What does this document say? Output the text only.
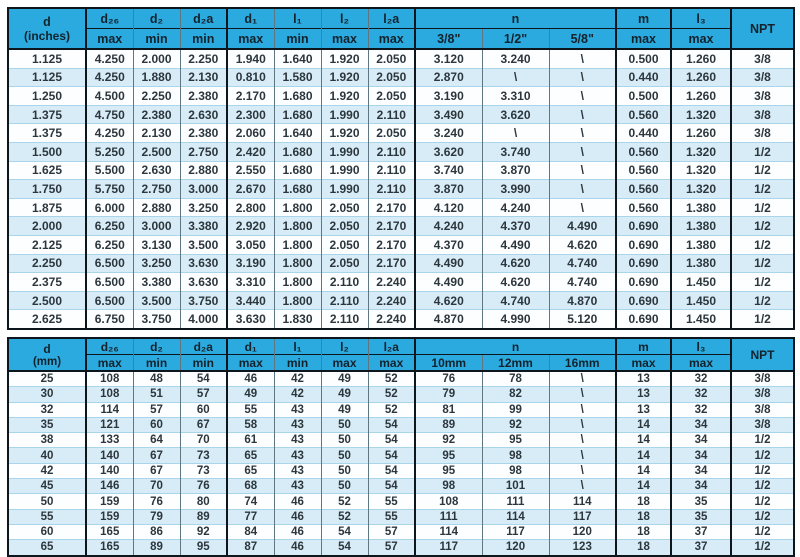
d
(inches)	d₂₆	d₂	d₂a	d₁	l₁	l₂	l₂a	n			m	l₃	NPT
	max	min	min	max	min	max	max	3/8"	1/2"	5/8"	max	max	
1.125	4.250	2.000	2.250	1.940	1.640	1.920	2.050	3.120	3.240	\	0.500	1.260	3/8
1.125	4.250	1.880	2.130	0.810	1.580	1.920	2.050	2.870	\	\	0.440	1.260	3/8
1.250	4.500	2.250	2.380	2.170	1.680	1.920	2.050	3.190	3.310	\	0.500	1.260	3/8
1.375	4.750	2.380	2.630	2.300	1.680	1.990	2.110	3.490	3.620	\	0.560	1.320	3/8
1.375	4.250	2.130	2.380	2.060	1.640	1.920	2.050	3.240	\	\	0.440	1.260	3/8
1.500	5.250	2.500	2.750	2.420	1.680	1.990	2.110	3.620	3.740	\	0.560	1.320	1/2
1.625	5.500	2.630	2.880	2.550	1.680	1.990	2.110	3.740	3.870	\	0.560	1.320	1/2
1.750	5.750	2.750	3.000	2.670	1.680	1.990	2.110	3.870	3.990	\	0.560	1.320	1/2
1.875	6.000	2.880	3.250	2.800	1.800	2.050	2.170	4.120	4.240	\	0.560	1.380	1/2
2.000	6.250	3.000	3.380	2.920	1.800	2.050	2.170	4.240	4.370	4.490	0.690	1.380	1/2
2.125	6.250	3.130	3.500	3.050	1.800	2.050	2.170	4.370	4.490	4.620	0.690	1.380	1/2
2.250	6.500	3.250	3.630	3.190	1.800	2.050	2.170	4.490	4.620	4.740	0.690	1.380	1/2
2.375	6.500	3.380	3.630	3.310	1.800	2.110	2.240	4.490	4.620	4.740	0.690	1.450	1/2
2.500	6.500	3.500	3.750	3.440	1.800	2.110	2.240	4.620	4.740	4.870	0.690	1.450	1/2
2.625	6.750	3.750	4.000	3.630	1.830	2.110	2.240	4.870	4.990	5.120	0.690	1.450	1/2
d
(mm)	d₂₆	d₂	d₂a	d₁	l₁	l₂	l₂a	n			m	l₃	NPT
	max	min	min	max	min	max	max	10mm	12mm	16mm	max	max	
25	108	48	54	46	42	49	52	76	78	\	13	32	3/8
30	108	51	57	49	42	49	52	79	82	\	13	32	3/8
32	114	57	60	55	43	49	52	81	99	\	13	32	3/8
35	121	60	67	58	43	50	54	89	92	\	14	34	3/8
38	133	64	70	61	43	50	54	92	95	\	14	34	1/2
40	140	67	73	65	43	50	54	95	98	\	14	34	1/2
42	140	67	73	65	43	50	54	95	98	\	14	34	1/2
45	146	70	76	68	43	50	54	98	101	\	14	34	1/2
50	159	76	80	74	46	52	55	108	111	114	18	35	1/2
55	159	79	89	77	46	52	55	111	114	117	18	35	1/2
60	165	86	92	84	46	54	57	114	117	120	18	37	1/2
65	165	89	95	87	46	54	57	117	120	123	18	37	1/2
